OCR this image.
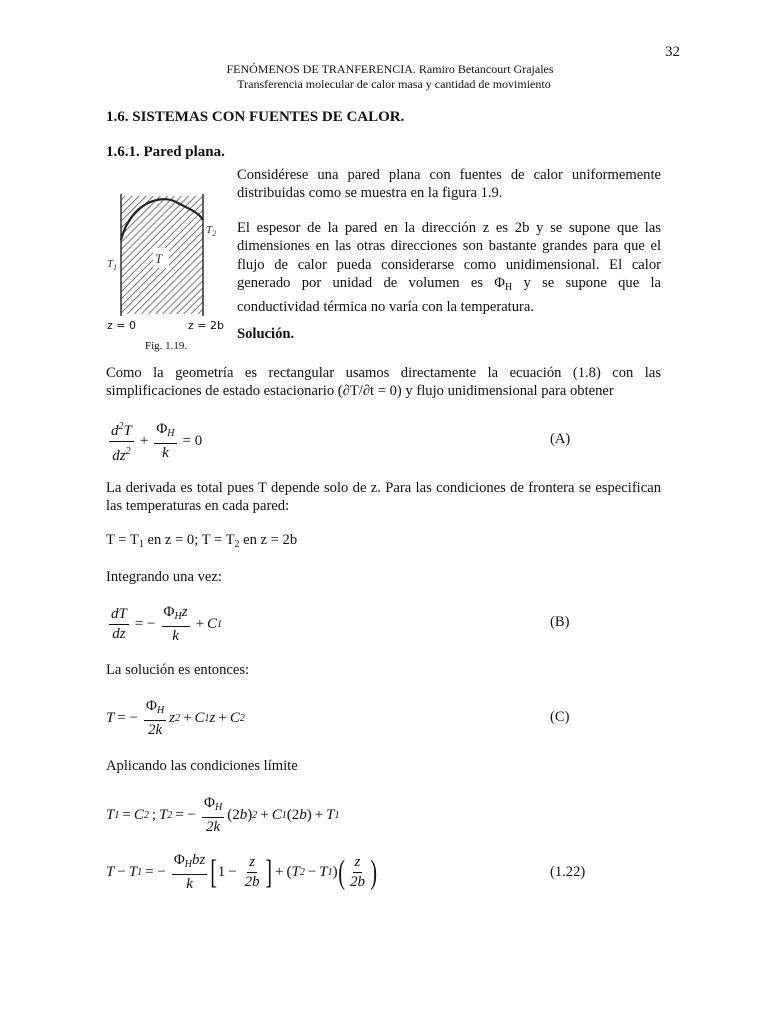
32
FENÓMENOS DE TRANFERENCIA. Ramiro Betancourt Grajales
Transferencia molecular de calor masa y cantidad de movimiento
1.6. SISTEMAS CON FUENTES DE CALOR.
1.6.1. Pared plana.
T
$T_1$
$T_2$
z = 0	z = 2b
Fig. 1.19.
Considérese una pared plana con fuentes de calor uniformemente distribuidas como se muestra en la figura 1.9.
El espesor de la pared en la dirección z es 2b y se supone que las dimensiones en las otras direcciones son bastante grandes para que el flujo de calor pueda considerarse como unidimensional. El calor generado por unidad de volumen es $\Phi_H$ y se supone que la conductividad térmica no varía con la temperatura.
Solución.
Como la geometría es rectangular usamos directamente la ecuación (1.8) con las simplificaciones de estado estacionario (∂T/∂t = 0) y flujo unidimensional para obtener
$\frac{d^2T}{dz^2} + \frac{\Phi_H}{k} = 0$	(A)
La derivada es total pues T depende solo de z. Para las condiciones de frontera se especifican las temperaturas en cada pared:
$T = T_1$ en z = 0; $T = T_2$ en z = 2b
Integrando una vez:
$\frac{dT}{dz}$ = − $\frac{\Phi_Hz}{k} + C$ 1	(B)
La solución es entonces:
T = − $\frac{\Phi_H}{2k}$ z 2 + C 1 z + C 2	(C)
Aplicando las condiciones límite
T 1 = C 2 ; T 2 = − $\frac{\Phi_H}{2k} (2$ b ) 2 + C 1 (2 b ) + T 1
T − T 1 = − $\frac{\Phi_Hbz}{k}$ [ $1 - \frac{z}{2b}$ ] + ( T 2 − T 1 ) ( $\frac{z}{2b}$ )	(1.22)
